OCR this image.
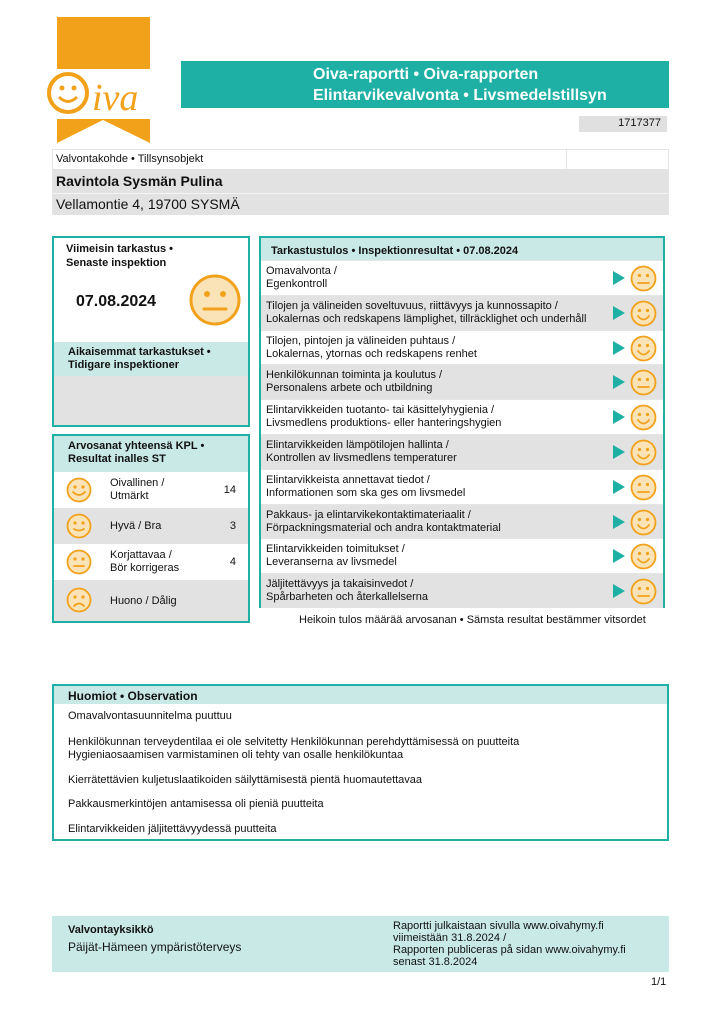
iva
Oiva-raportti • Oiva-rapporten
Elintarvikevalvonta • Livsmedelstillsyn
1717377
Valvontakohde • Tillsynsobjekt
Ravintola Sysmän Pulina
Vellamontie 4, 19700 SYSMÄ
Viimeisin tarkastus •
Senaste inspektion
07.08.2024
Aikaisemmat tarkastukset •
Tidigare inspektioner
Arvosanat yhteensä KPL •
Resultat inalles ST
Oivallinen /
Utmärkt	14
Hyvä / Bra	3
Korjattavaa /
Bör korrigeras	4
Huono / Dålig
Tarkastustulos • Inspektionresultat • 07.08.2024
Omavalvonta /
Egenkontroll
Tilojen ja välineiden soveltuvuus, riittävyys ja kunnossapito /
Lokalernas och redskapens lämplighet, tillräcklighet och underhåll
Tilojen, pintojen ja välineiden puhtaus /
Lokalernas, ytornas och redskapens renhet
Henkilökunnan toiminta ja koulutus /
Personalens arbete och utbildning
Elintarvikkeiden tuotanto- tai käsittelyhygienia /
Livsmedlens produktions- eller hanteringshygien
Elintarvikkeiden lämpötilojen hallinta /
Kontrollen av livsmedlens temperaturer
Elintarvikkeista annettavat tiedot /
Informationen som ska ges om livsmedel
Pakkaus- ja elintarvikekontaktimateriaalit /
Förpackningsmaterial och andra kontaktmaterial
Elintarvikkeiden toimitukset /
Leveranserna av livsmedel
Jäljitettävyys ja takaisinvedot /
Spårbarheten och återkallelserna
Heikoin tulos määrää arvosanan • Sämsta resultat bestämmer vitsordet
Huomiot • Observation
Omavalvontasuunnitelma puuttuu
Henkilökunnan terveydentilaa ei ole selvitetty Henkilökunnan perehdyttämisessä on puutteita
Hygieniaosaamisen varmistaminen oli tehty van osalle henkilökuntaa
Kierrätettävien kuljetuslaatikoiden säilyttämisestä pientä huomautettavaa
Pakkausmerkintöjen antamisessa oli pieniä puutteita
Elintarvikkeiden jäljitettävyydessä puutteita
Valvontayksikkö
Päijät-Hämeen ympäristöterveys
Raportti julkaistaan sivulla www.oivahymy.fi
viimeistään 31.8.2024 /
Rapporten publiceras på sidan www.oivahymy.fi
senast 31.8.2024
1/1
